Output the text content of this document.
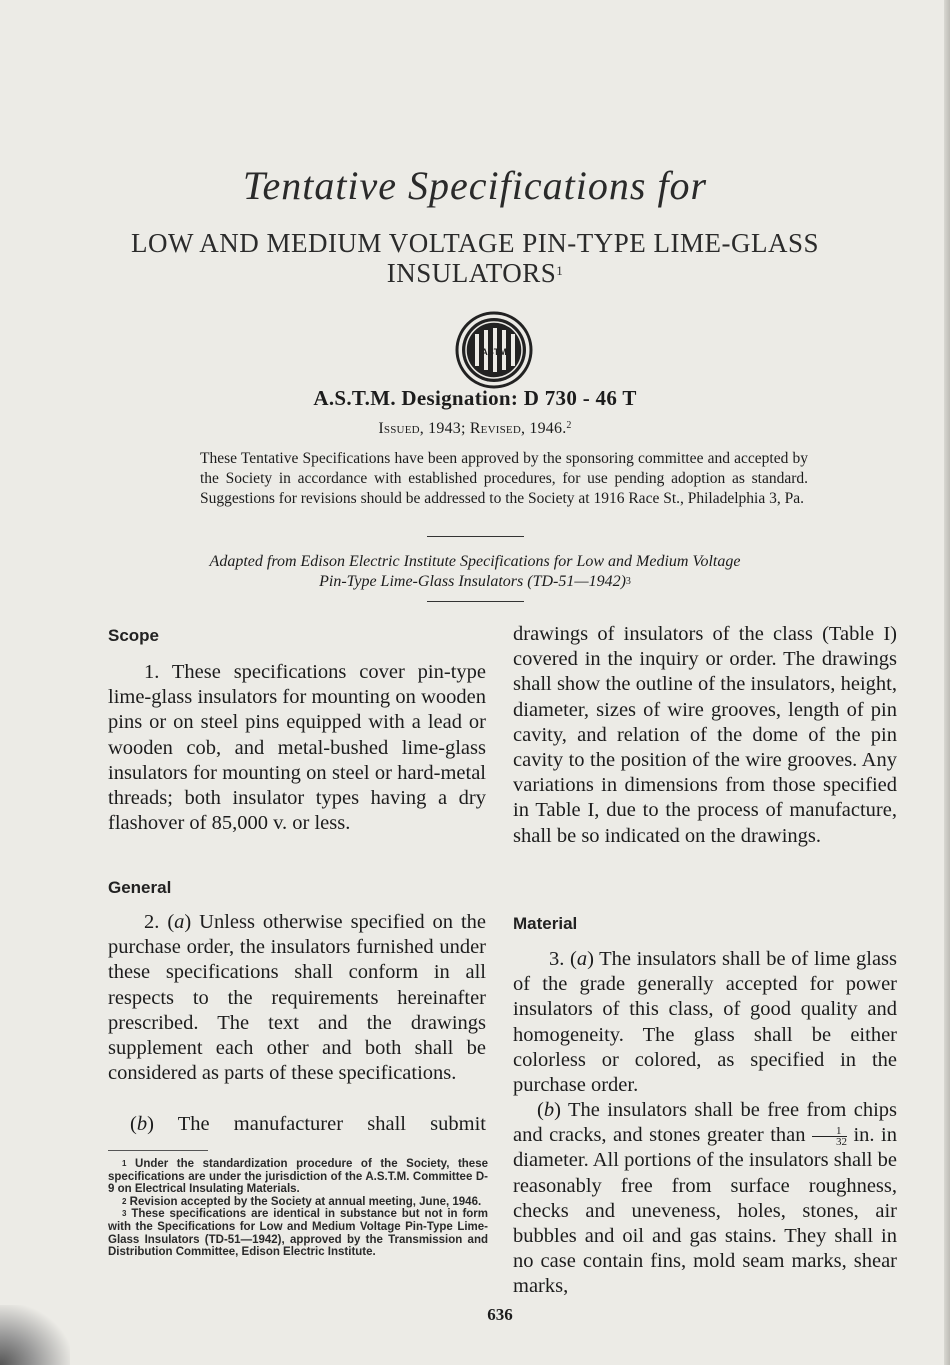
Tentative Specifications for
LOW AND MEDIUM VOLTAGE PIN-TYPE LIME-GLASS
INSULATORS$^1$
ASTM
A.S.T.M. Designation: D 730 - 46 T
Issued, 1943; Revised, 1946.$^2$
These Tentative Specifications have been approved by the sponsoring committee and accepted by the Society in accordance with established procedures, for use pending adoption as standard. Suggestions for revisions should be addressed to the Society at 1916 Race St., Philadelphia 3, Pa.
Adapted from Edison Electric Institute Specifications for Low and Medium Voltage
Pin-Type Lime-Glass Insulators (TD-51—1942)$^3$
Scope

1. These specifications cover pin-type lime-glass insulators for mounting on wooden pins or on steel pins equipped with a lead or wooden cob, and metal-bushed lime-glass insulators for mounting on steel or hard-metal threads; both insulator types having a dry flashover of 85,000 v. or less.

General

2. (a) Unless otherwise specified on the purchase order, the insulators furnished under these specifications shall conform in all respects to the requirements hereinafter prescribed. The text and the drawings supplement each other and both shall be considered as parts of these specifications.

(b) The manufacturer shall submit

$^1$ Under the standardization procedure of the Society, these specifications are under the jurisdiction of the A.S.T.M. Committee D-9 on Electrical Insulating Materials.

$^2$ Revision accepted by the Society at annual meeting, June, 1946.

$^3$ These specifications are identical in substance but not in form with the Specifications for Low and Medium Voltage Pin-Type Lime-Glass Insulators (TD-51—1942), approved by the Transmission and Distribution Committee, Edison Electric Institute.

drawings of insulators of the class (Table I) covered in the inquiry or order. The drawings shall show the outline of the insulators, height, diameter, sizes of wire grooves, length of pin cavity, and relation of the dome of the pin cavity to the position of the wire grooves. Any variations in dimensions from those specified in Table I, due to the process of manufacture, shall be so indicated on the drawings.

Material

3. (a) The insulators shall be of lime glass of the grade generally accepted for power insulators of this class, of good quality and homogeneity. The glass shall be either colorless or colored, as specified in the purchase order.

(b) The insulators shall be free from chips and cracks, and stones greater than $\frac{1}{32}$ in. in diameter. All portions of the insulators shall be reasonably free from surface roughness, checks and uneveness, holes, stones, air bubbles and oil and gas stains. They shall in no case contain fins, mold seam marks, shear marks,

636
